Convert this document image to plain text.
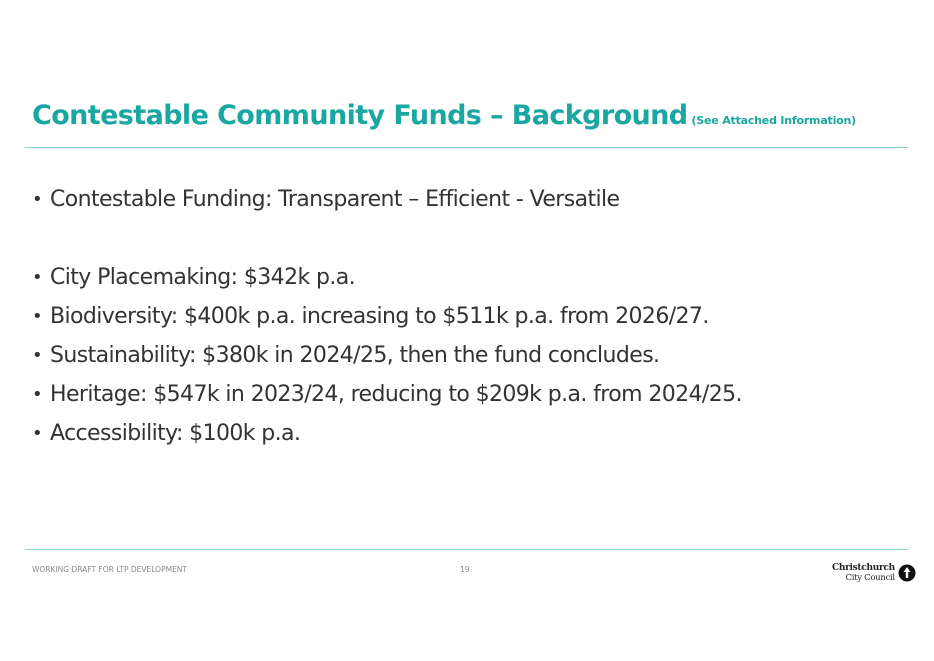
Contestable Community Funds – Background (See Attached Information)
• Contestable Funding: Transparent – Efficient - Versatile
• City Placemaking: $342k p.a.
• Biodiversity: $400k p.a. increasing to $511k p.a. from 2026/27.
• Sustainability: $380k in 2024/25, then the fund concludes.
• Heritage: $547k in 2023/24, reducing to $209k p.a. from 2024/25.
• Accessibility: $100k p.a.
WORKING DRAFT FOR LTP DEVELOPMENT	19	Christchurch
City Council
